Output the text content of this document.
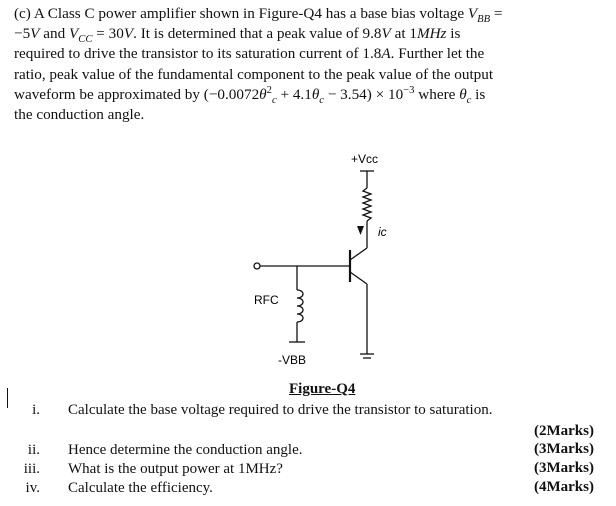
(c) A Class C power amplifier shown in Figure-Q4 has a base bias voltage $V_{BB}$ =
−5V and $V_{CC} = 30V$. It is determined that a peak value of 9.8V at 1MHz is
required to drive the transistor to its saturation current of 1.8A. Further let the
ratio, peak value of the fundamental component to the peak value of the output
waveform be approximated by $(-0.0072\theta^2_c + 4.1\theta_c - 3.54) \times 10^{-3}$ where $\theta_c$ is
the conduction angle.
+Vcc
ic
RFC
-VBB
Figure-Q4
i. Calculate the base voltage required to drive the transistor to saturation.
(2Marks)
ii. Hence determine the conduction angle.	(3Marks)
iii. What is the output power at 1MHz?	(3Marks)
iv. Calculate the efficiency.	(4Marks)
